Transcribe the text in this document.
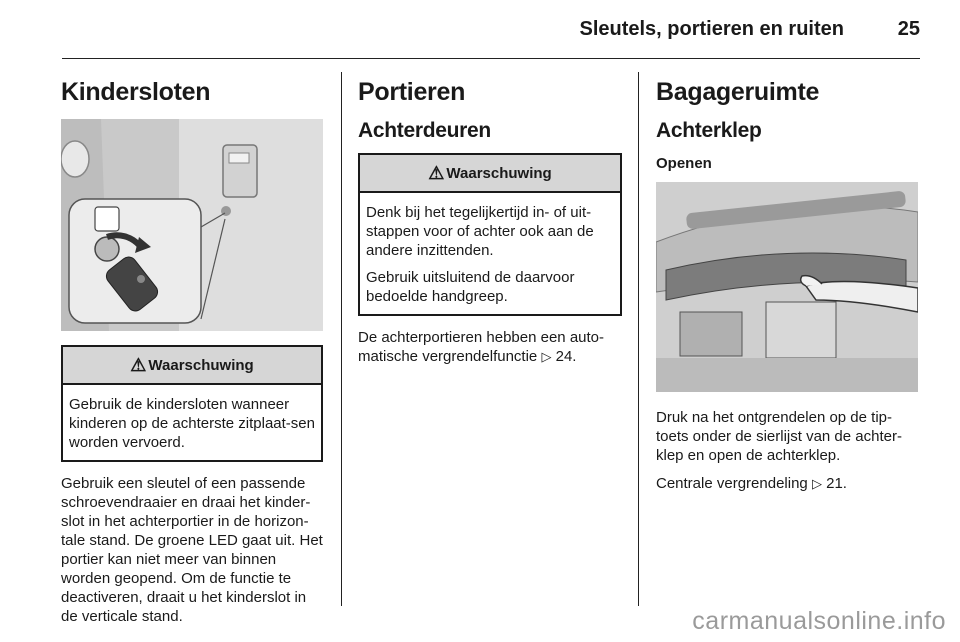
Sleutels, portieren en ruiten	25
Kindersloten
⚠ Waarschuwing

Gebruik de kindersloten wanneer kinderen op de achterste zitplaat-sen worden vervoerd.

Gebruik een sleutel of een passende schroevendraaier en draai het kinder-slot in het achterportier in de horizon-tale stand. De groene LED gaat uit. Het portier kan niet meer van binnen worden geopend. Om de functie te deactiveren, draait u het kinderslot in de verticale stand.

Portieren
Achterdeuren
⚠ Waarschuwing

Denk bij het tegelijkertijd in- of uit-stappen voor of achter ook aan de andere inzittenden.

Gebruik uitsluitend de daarvoor bedoelde handgreep.

De achterportieren hebben een auto-matische vergrendelfunctie ▷ 24.

Bagageruimte
Achterklep
Openen

Druk na het ontgrendelen op de tip-toets onder de sierlijst van de achter-klep en open de achterklep.

Centrale vergrendeling ▷ 21.

carmanualsonline.info
